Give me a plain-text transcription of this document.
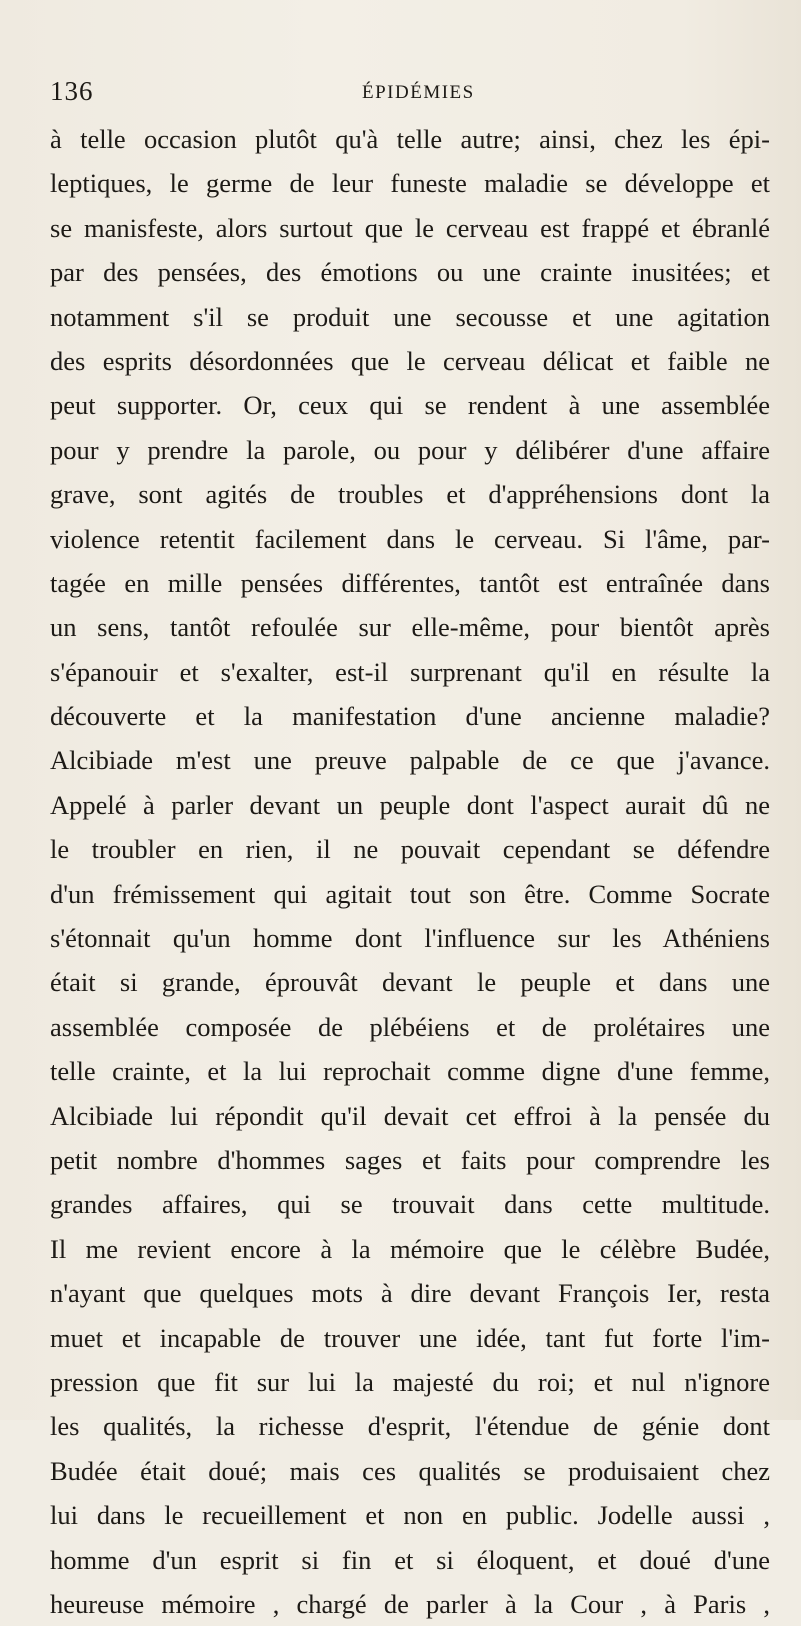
136	ÉPIDÉMIES
à telle occasion plutôt qu'à telle autre; ainsi, chez les épi-
leptiques, le germe de leur funeste maladie se développe et
se manisfeste, alors surtout que le cerveau est frappé et ébranlé
par des pensées, des émotions ou une crainte inusitées; et
notamment s'il se produit une secousse et une agitation
des esprits désordonnées que le cerveau délicat et faible ne
peut supporter. Or, ceux qui se rendent à une assemblée
pour y prendre la parole, ou pour y délibérer d'une affaire
grave, sont agités de troubles et d'appréhensions dont la
violence retentit facilement dans le cerveau. Si l'âme, par-
tagée en mille pensées différentes, tantôt est entraînée dans
un sens, tantôt refoulée sur elle-même, pour bientôt après
s'épanouir et s'exalter, est-il surprenant qu'il en résulte la
découverte et la manifestation d'une ancienne maladie?
Alcibiade m'est une preuve palpable de ce que j'avance.
Appelé à parler devant un peuple dont l'aspect aurait dû ne
le troubler en rien, il ne pouvait cependant se défendre
d'un frémissement qui agitait tout son être. Comme Socrate
s'étonnait qu'un homme dont l'influence sur les Athéniens
était si grande, éprouvât devant le peuple et dans une
assemblée composée de plébéiens et de prolétaires une
telle crainte, et la lui reprochait comme digne d'une femme,
Alcibiade lui répondit qu'il devait cet effroi à la pensée du
petit nombre d'hommes sages et faits pour comprendre les
grandes affaires, qui se trouvait dans cette multitude.
Il me revient encore à la mémoire que le célèbre Budée,
n'ayant que quelques mots à dire devant François Ier, resta
muet et incapable de trouver une idée, tant fut forte l'im-
pression que fit sur lui la majesté du roi; et nul n'ignore
les qualités, la richesse d'esprit, l'étendue de génie dont
Budée était doué; mais ces qualités se produisaient chez
lui dans le recueillement et non en public. Jodelle aussi ,
homme d'un esprit si fin et si éloquent, et doué d'une
heureuse mémoire , chargé de parler à la Cour , à Paris ,
